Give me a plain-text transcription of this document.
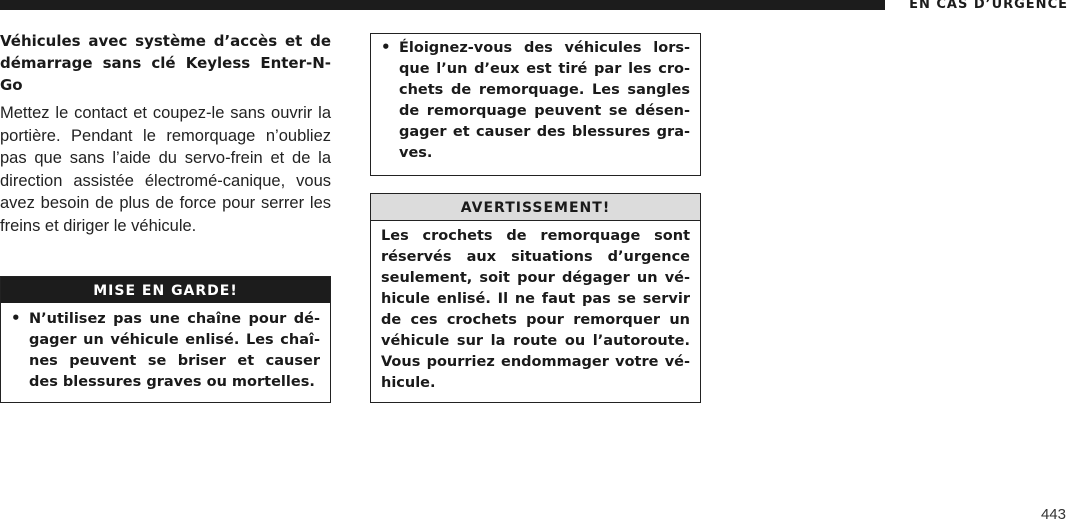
EN CAS D’URGENCE
Véhicules avec système d’accès et de démarrage sans clé Keyless Enter-N-Go

Mettez le contact et coupez-le sans ouvrir la portière. Pendant le remorquage n’oubliez pas que sans l’aide du servo-frein et de la direction assistée électromé-canique, vous avez besoin de plus de force pour serrer les freins et diriger le véhicule.

MISE EN GARDE!
• N’utilisez pas une chaîne pour dé-gager un véhicule enlisé. Les chaî-nes peuvent se briser et causer des blessures graves ou mortelles.
• Éloignez-vous des véhicules lors-que l’un d’eux est tiré par les cro-chets de remorquage. Les sangles de remorquage peuvent se désen-gager et causer des blessures gra-ves.
AVERTISSEMENT!

Les crochets de remorquage sont réservés aux situations d’urgence seulement, soit pour dégager un vé-hicule enlisé. Il ne faut pas se servir de ces crochets pour remorquer un véhicule sur la route ou l’autoroute. Vous pourriez endommager votre vé-hicule.

443
